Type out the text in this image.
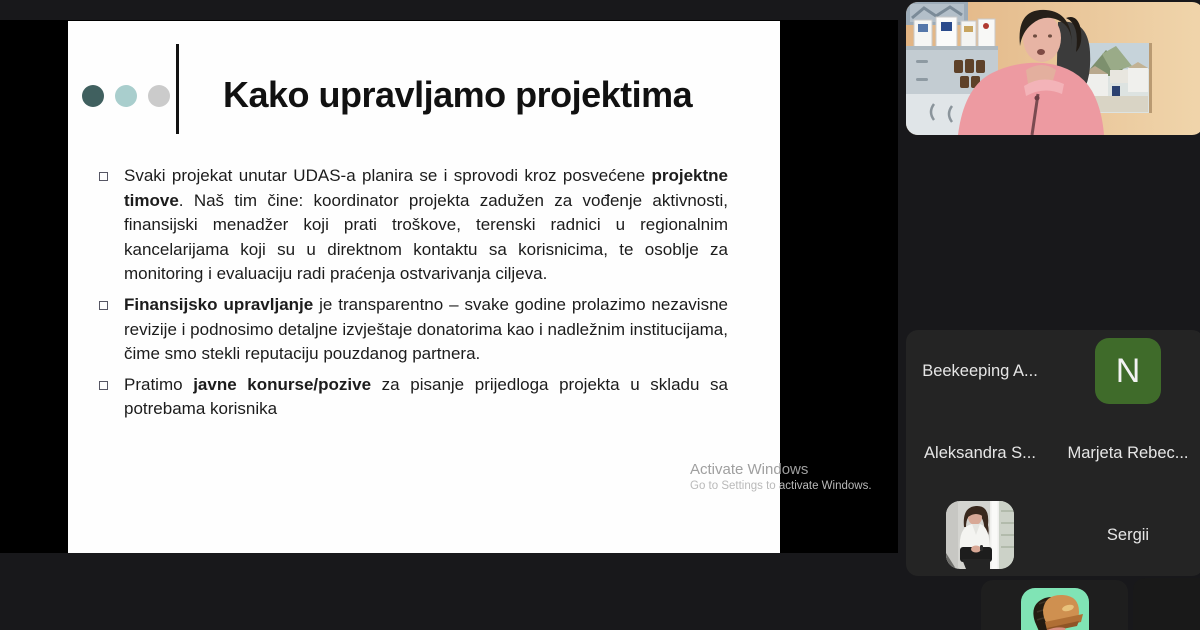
Kako upravljamo projektima
Svaki projekat unutar UDAS-a planira se i sprovodi kroz posvećene projektne timove. Naš tim čine: koordinator projekta zadužen za vođenje aktivnosti, finansijski menadžer koji prati troškove, terenski radnici u regionalnim kancelarijama koji su u direktnom kontaktu sa korisnicima, te osoblje za monitoring i evaluaciju radi praćenja ostvarivanja ciljeva.
Finansijsko upravljanje je transparentno – svake godine prolazimo nezavisne revizije i podnosimo detaljne izvještaje donatorima kao i nadležnim institucijama, čime smo stekli reputaciju pouzdanog partnera.
Pratimo javne konurse/pozive za pisanje prijedloga projekta u skladu sa potrebama korisnika
Activate Windows
Go to Settings to activate Windows.
Beekeeping A... N
Aleksandra S... Marjeta Rebec...
Sergii
